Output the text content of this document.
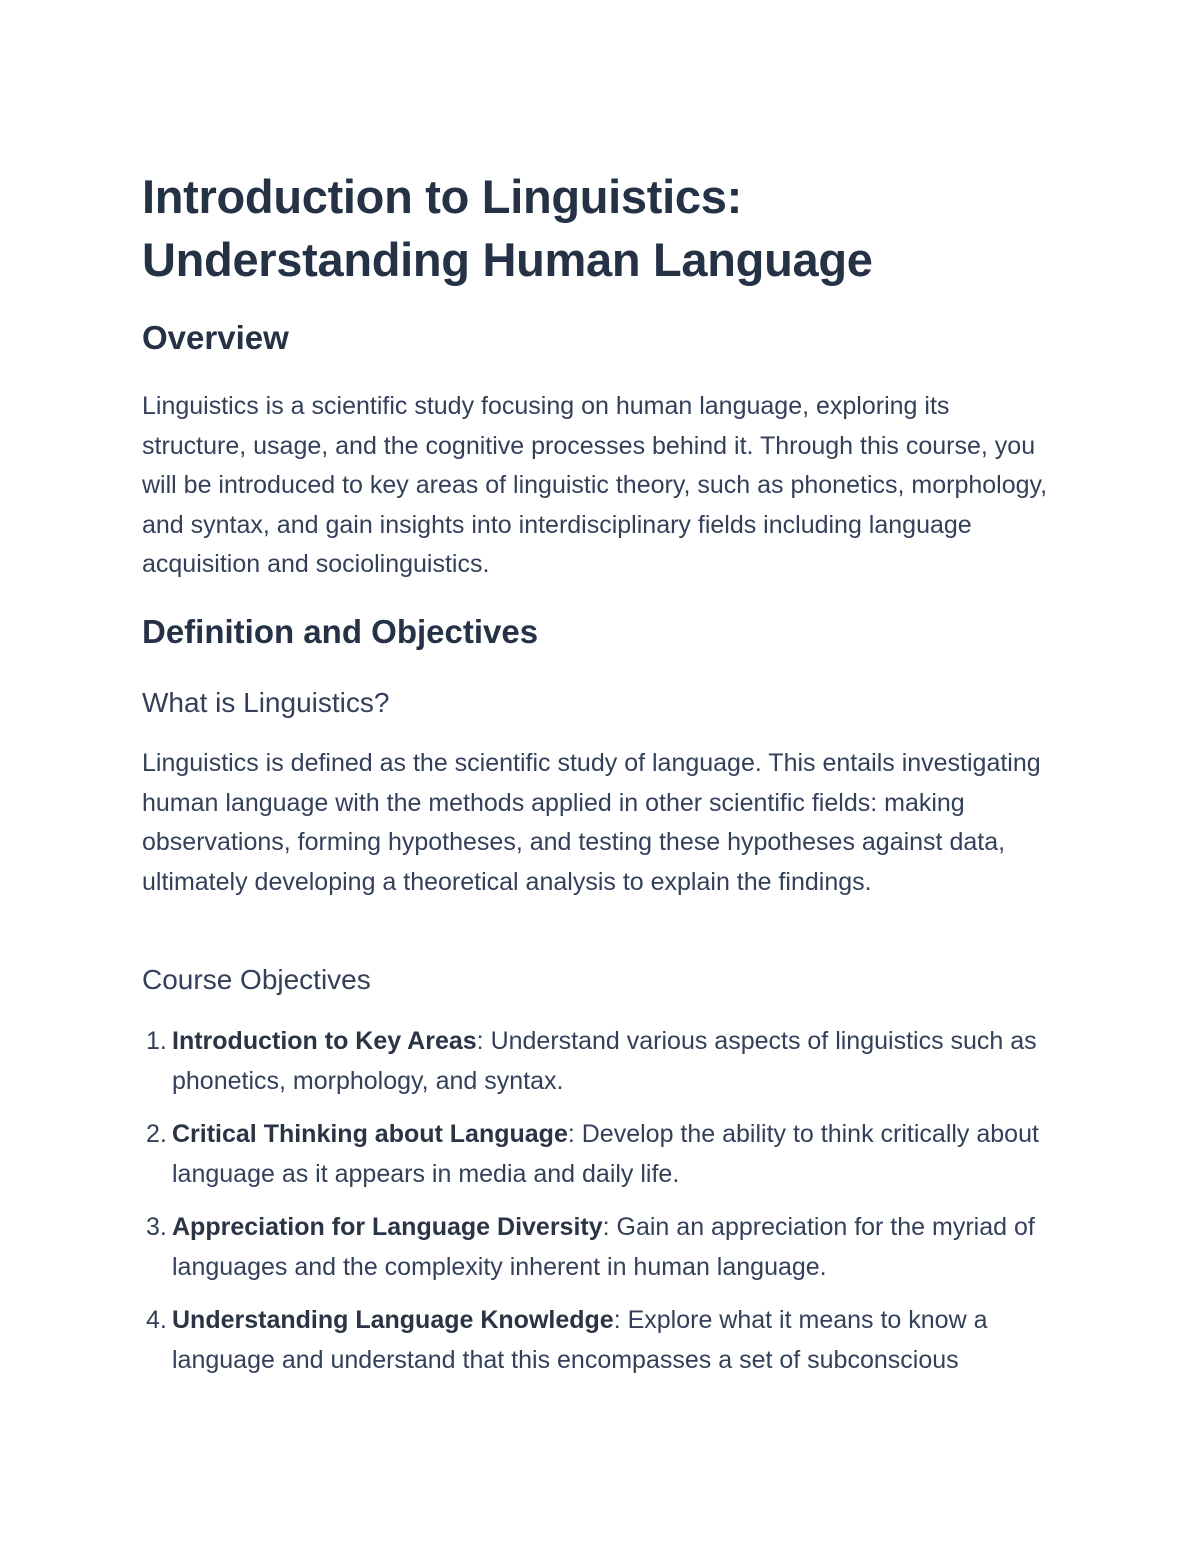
Introduction to Linguistics:
Understanding Human Language
Overview

Linguistics is a scientific study focusing on human language, exploring its structure, usage, and the cognitive processes behind it. Through this course, you will be introduced to key areas of linguistic theory, such as phonetics, morphology, and syntax, and gain insights into interdisciplinary fields including language acquisition and sociolinguistics.

Definition and Objectives
What is Linguistics?

Linguistics is defined as the scientific study of language. This entails investigating human language with the methods applied in other scientific fields: making observations, forming hypotheses, and testing these hypotheses against data, ultimately developing a theoretical analysis to explain the findings.

Course Objectives
1. Introduction to Key Areas: Understand various aspects of linguistics such as phonetics, morphology, and syntax.
2. Critical Thinking about Language: Develop the ability to think critically about language as it appears in media and daily life.
3. Appreciation for Language Diversity: Gain an appreciation for the myriad of languages and the complexity inherent in human language.
4. Understanding Language Knowledge: Explore what it means to know a language and understand that this encompasses a set of subconscious
